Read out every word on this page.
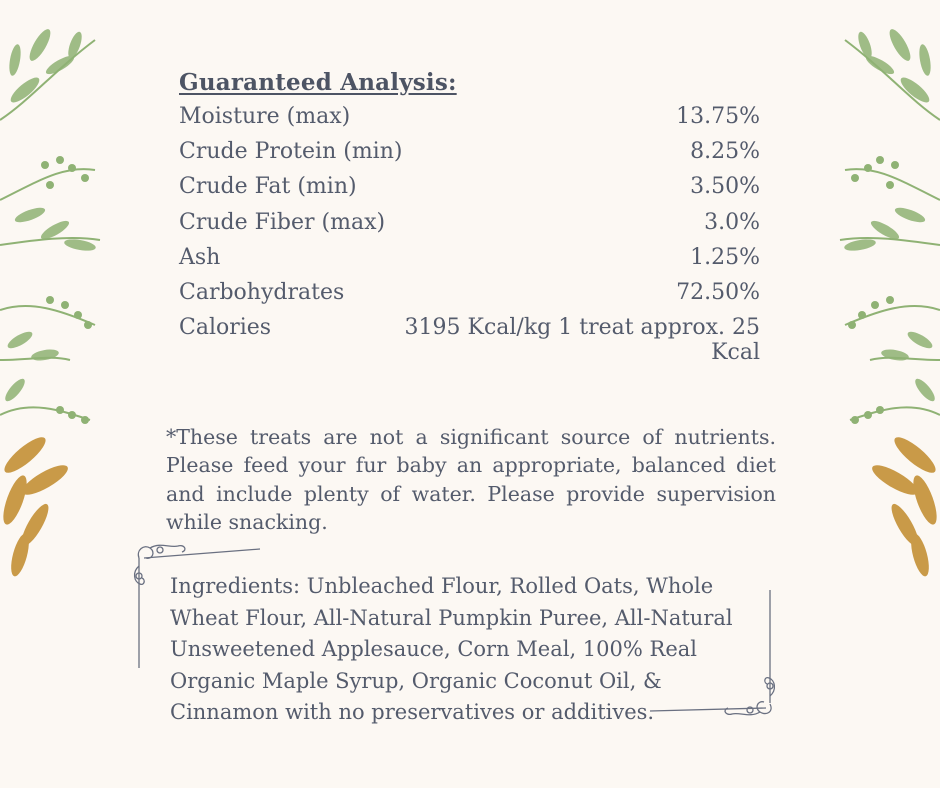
Guaranteed Analysis:
Moisture (max)	13.75%
Crude Protein (min)	8.25%
Crude Fat (min)	3.50%
Crude Fiber (max)	3.0%
Ash	1.25%
Carbohydrates	72.50%
Calories	3195 Kcal/kg 1 treat approx. 25 Kcal

*These treats are not a significant source of nutrients. Please feed your fur baby an appropriate, balanced diet and include plenty of water. Please provide supervision while snacking.

Ingredients: Unbleached Flour, Rolled Oats, Whole Wheat Flour, All-Natural Pumpkin Puree, All-Natural Unsweetened Applesauce, Corn Meal, 100% Real Organic Maple Syrup, Organic Coconut Oil, & Cinnamon with no preservatives or additives.
